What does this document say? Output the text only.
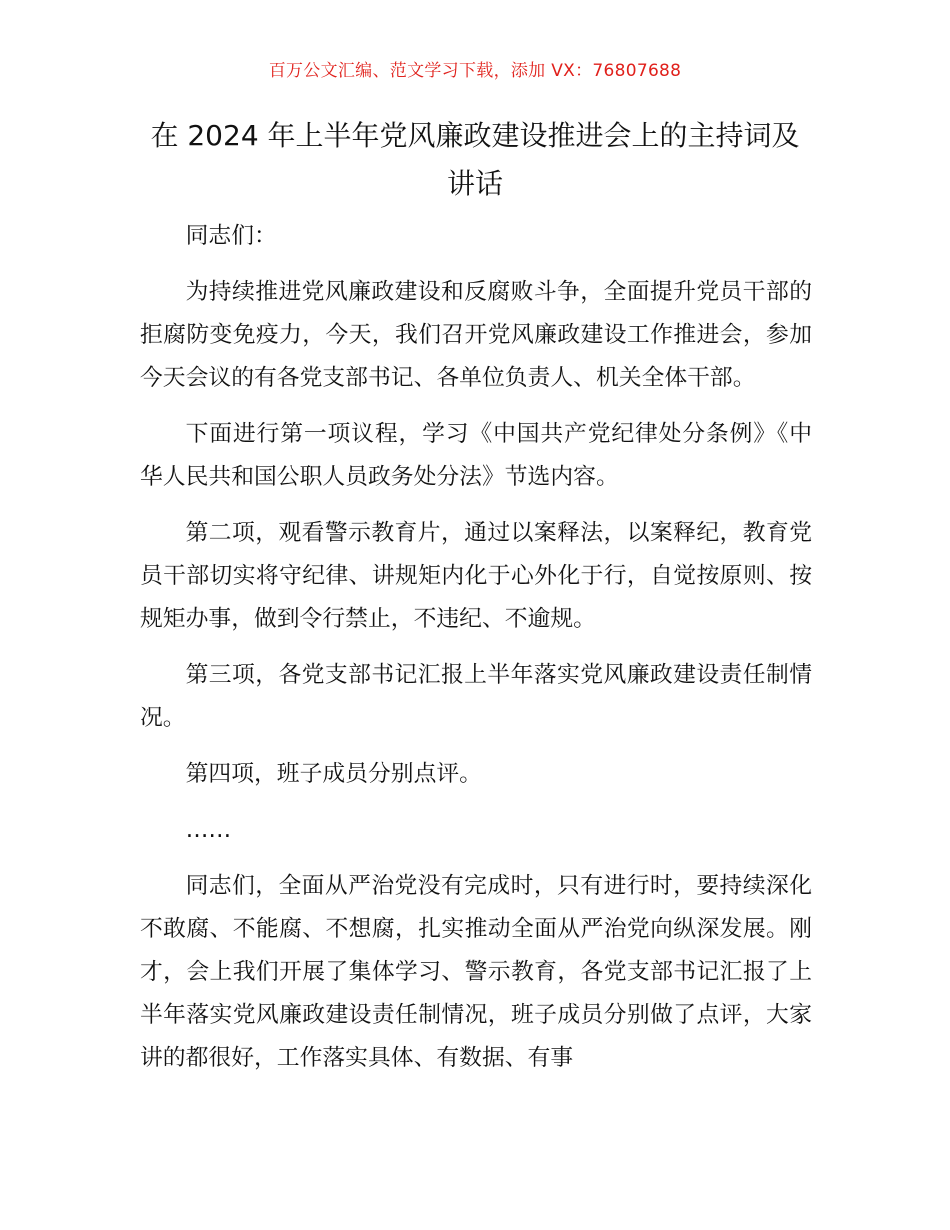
百万公文汇编、范文学习下载，添加 VX：76807688
在 2024 年上半年党风廉政建设推进会上的主持词及讲话

同志们：

为持续推进党风廉政建设和反腐败斗争，全面提升党员干部的拒腐防变免疫力，今天，我们召开党风廉政建设工作推进会，参加今天会议的有各党支部书记、各单位负责人、机关全体干部。

下面进行第一项议程，学习《中国共产党纪律处分条例》《中华人民共和国公职人员政务处分法》节选内容。

第二项，观看警示教育片，通过以案释法，以案释纪，教育党员干部切实将守纪律、讲规矩内化于心外化于行，自觉按原则、按规矩办事，做到令行禁止，不违纪、不逾规。

第三项，各党支部书记汇报上半年落实党风廉政建设责任制情况。

第四项，班子成员分别点评。

……

同志们，全面从严治党没有完成时，只有进行时，要持续深化不敢腐、不能腐、不想腐，扎实推动全面从严治党向纵深发展。刚才，会上我们开展了集体学习、警示教育，各党支部书记汇报了上半年落实党风廉政建设责任制情况，班子成员分别做了点评，大家讲的都很好，工作落实具体、有数据、有事
